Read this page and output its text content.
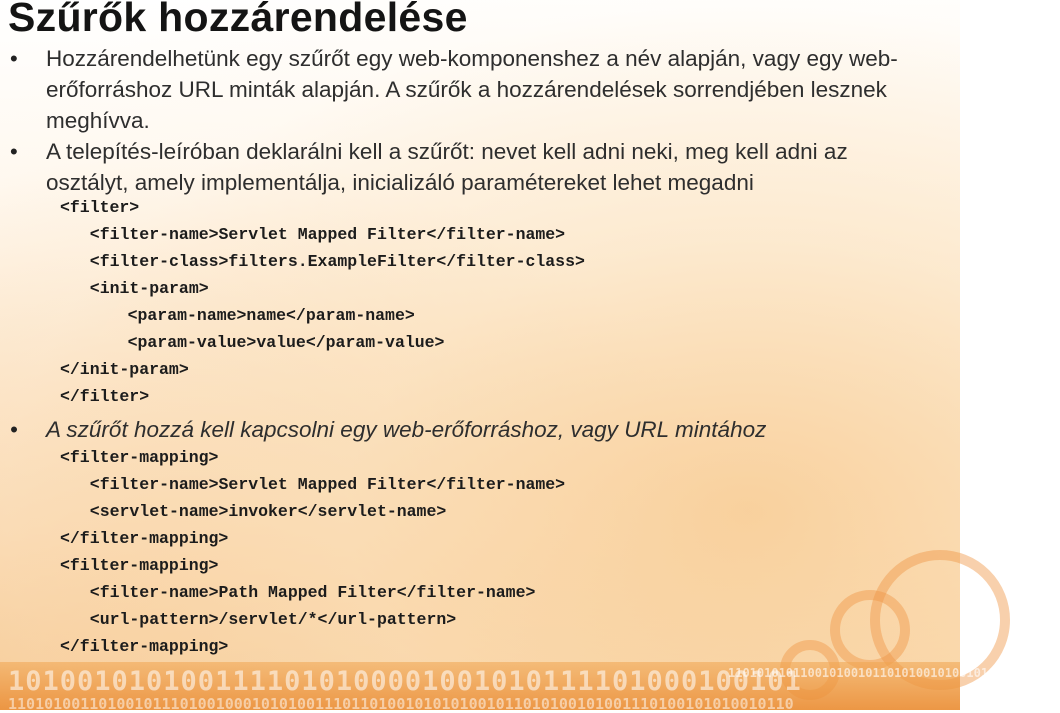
1010010101001111010100001001010111101000100101
110101001101001011101001000101010011101101001010101001011010100101001110100101010010110
1101010101100101001011010100101001010101001010
Szűrők hozzárendelése
• Hozzárendelhetünk egy szűrőt egy web-komponenshez a név alapján, vagy egy web-erőforráshoz URL minták alapján. A szűrők a hozzárendelések sorrendjében lesznek meghívva.
• A telepítés-leíróban deklarálni kell a szűrőt: nevet kell adni neki, meg kell adni az osztályt, amely implementálja, inicializáló paramétereket lehet megadni
<filter>
<filter-name>Servlet Mapped Filter</filter-name>
<filter-class>filters.ExampleFilter</filter-class>
<init-param>
<param-name>name</param-name>
<param-value>value</param-value>
</init-param>
</filter>
• A szűrőt hozzá kell kapcsolni egy web-erőforráshoz, vagy URL mintához
<filter-mapping>
<filter-name>Servlet Mapped Filter</filter-name>
<servlet-name>invoker</servlet-name>
</filter-mapping>
<filter-mapping>
<filter-name>Path Mapped Filter</filter-name>
<url-pattern>/servlet/*</url-pattern>
</filter-mapping>
